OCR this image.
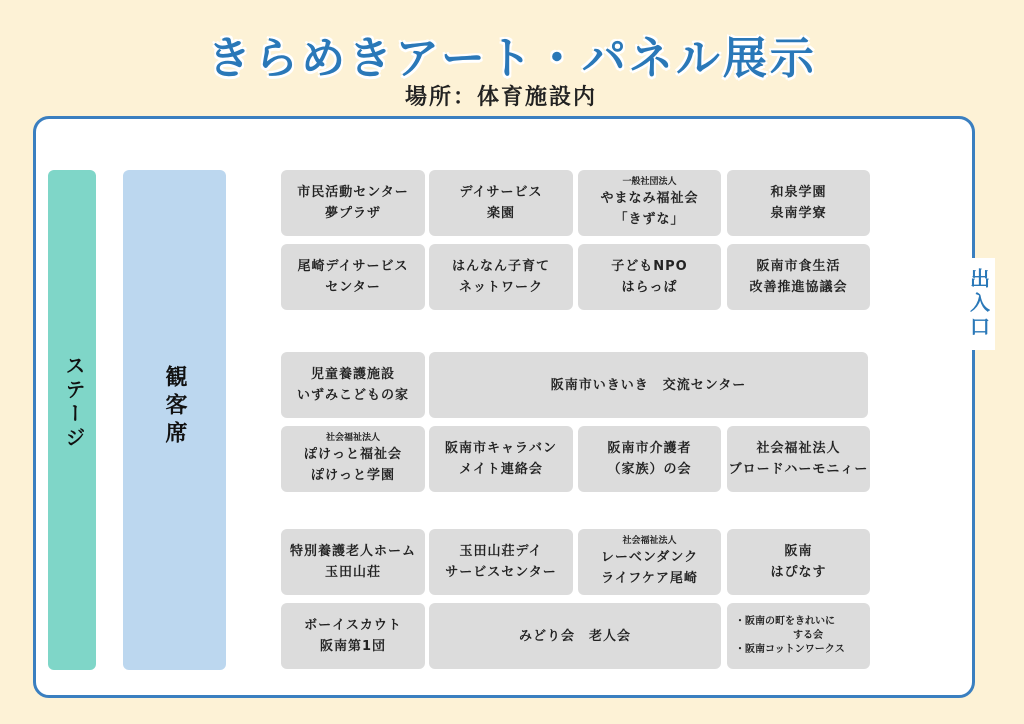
きらめきアート・パネル展示
場所：体育施設内
ステージ	観客席
出入口
市民活動センター
夢プラザ
デイサービス
楽園
一般社団法人
やまなみ福祉会
「きずな」
和泉学園
泉南学寮
尾崎デイサービス
センター
はんなん子育て
ネットワーク
子どもNPO
はらっぱ
阪南市食生活
改善推進協議会
児童養護施設
いずみこどもの家
阪南市いきいき　交流センター
社会福祉法人
ぽけっと福祉会
ぽけっと学園
阪南市キャラバン
メイト連絡会
阪南市介護者
（家族）の会
社会福祉法人
ブロードハーモニィー
特別養護老人ホーム
玉田山荘
玉田山荘デイ
サービスセンター
社会福祉法人
レーベンダンク
ライフケア尾崎
阪南
はぴなす
ボーイスカウト
阪南第1団
みどり会　老人会
・阪南の町をきれいに
する会
・阪南コットンワークス
